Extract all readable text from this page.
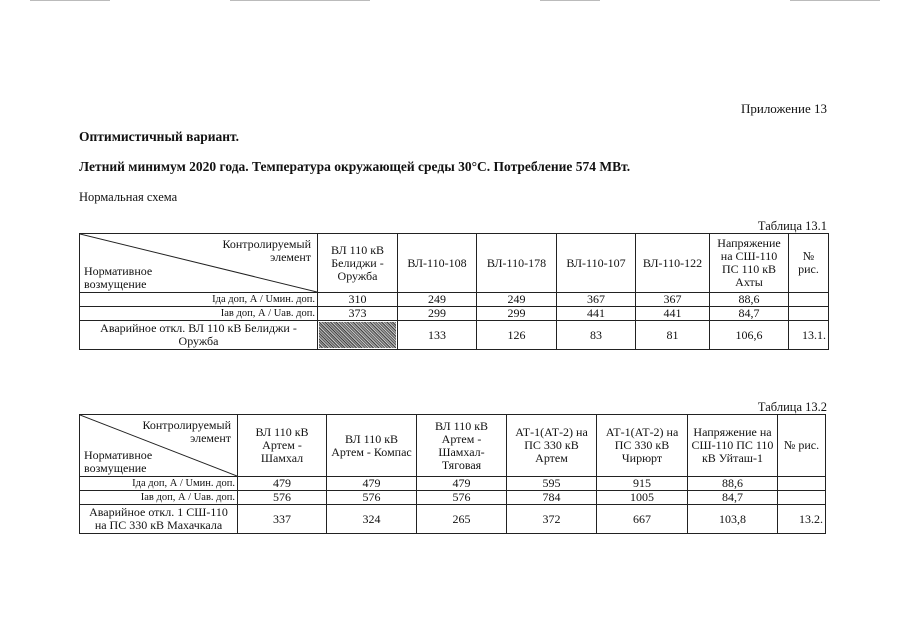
Приложение 13
Оптимистичный вариант.
Летний минимум 2020 года. Температура окружающей среды 30°С. Потребление 574 МВт.
Нормальная схема
Таблица 13.1
Контролируемый элемент
Нормативное возмущение	ВЛ 110 кВ Белиджи - Оружба	ВЛ-110-108	ВЛ-110-178	ВЛ-110-107	ВЛ-110-122	Напряжение на СШ-110 ПС 110 кВ Ахты	№ рис.
Iда доп, А / Uмин. доп.	310	249	249	367	367	88,6	
Iав доп, А / Uав. доп.	373	299	299	441	441	84,7	
Аварийное откл. ВЛ 110 кВ Белиджи - Оружба		133	126	83	81	106,6	13.1.
Таблица 13.2
Контролируемый элемент
Нормативное возмущение	ВЛ 110 кВ Артем - Шамхал	ВЛ 110 кВ Артем - Компас	ВЛ 110 кВ Артем - Шамхал- Тяговая	АТ-1(АТ-2) на ПС 330 кВ Артем	АТ-1(АТ-2) на ПС 330 кВ Чирюрт	Напряжение на СШ-110 ПС 110 кВ Уйташ-1	№ рис.
Iда доп, А / Uмин. доп.	479	479	479	595	915	88,6	
Iав доп, А / Uав. доп.	576	576	576	784	1005	84,7	
Аварийное откл. 1 СШ-110 на ПС 330 кВ Махачкала	337	324	265	372	667	103,8	13.2.
